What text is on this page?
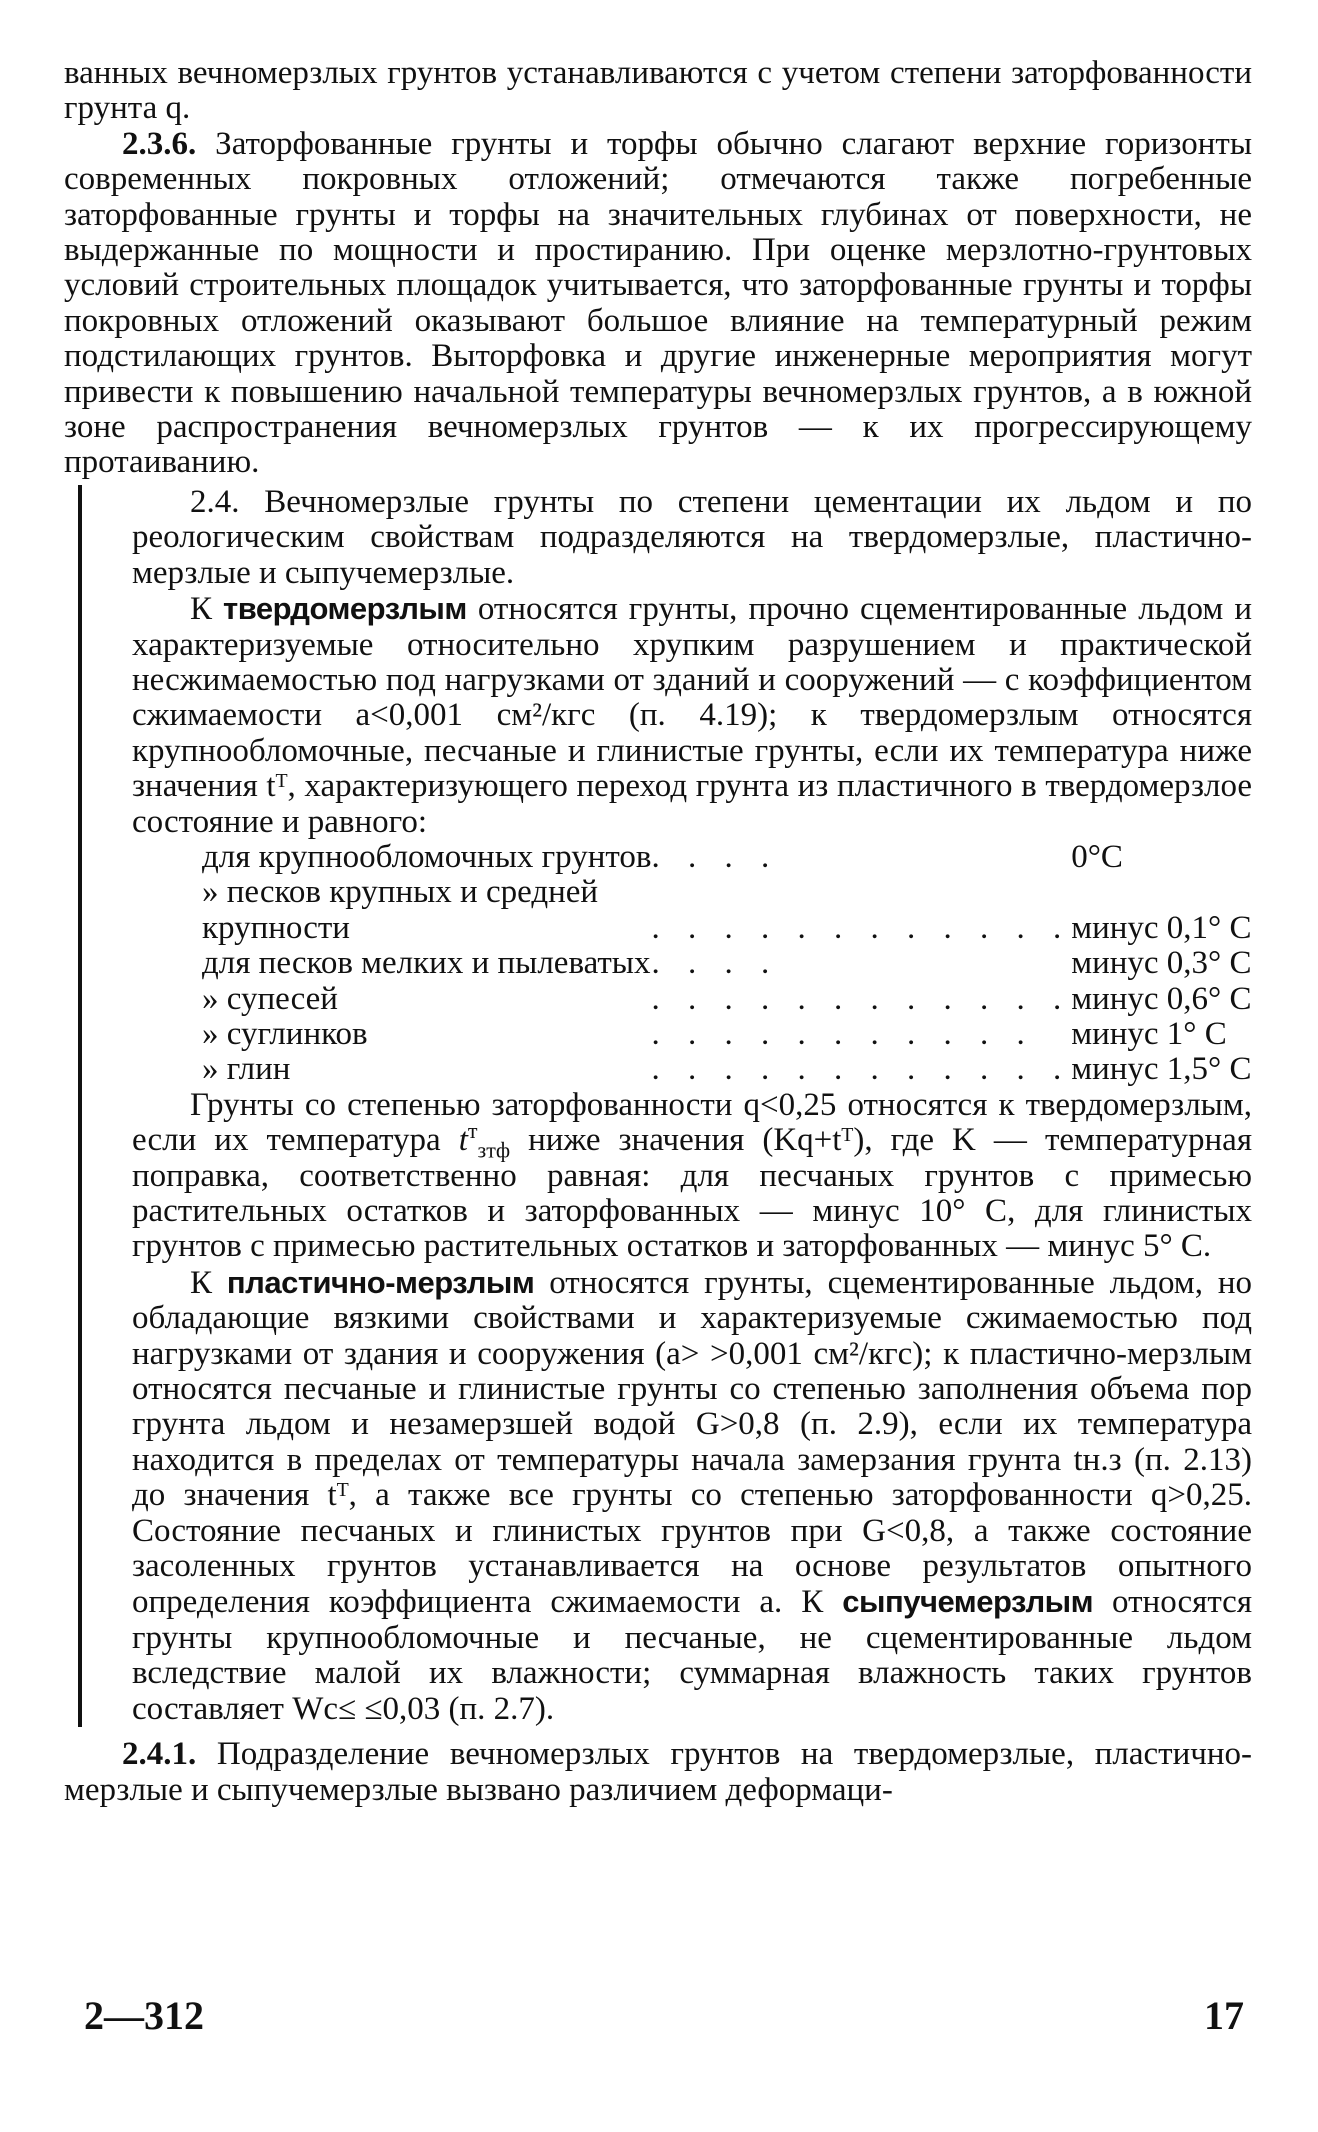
ванных вечномерзлых грунтов устанавливаются с учетом степени заторфованности грунта q.

2.3.6. Заторфованные грунты и торфы обычно слагают верхние горизонты современных покровных отложений; отмечаются также погребенные заторфованные грунты и торфы на значительных глубинах от поверхности, не выдержанные по мощности и простиранию. При оценке мерзлотно-грунтовых условий строительных площадок учитывается, что заторфованные грунты и торфы покровных отложений оказывают большое влияние на температурный режим подстилающих грунтов. Выторфовка и другие инженерные мероприятия могут привести к повышению начальной температуры вечномерзлых грунтов, а в южной зоне распространения вечномерзлых грунтов — к их прогрессирующему протаиванию.

2.4. Вечномерзлые грунты по степени цементации их льдом и по реологическим свойствам подразделяются на твердомерзлые, пластично-мерзлые и сыпучемерзлые.

К твердомерзлым относятся грунты, прочно сцементированные льдом и характеризуемые относительно хрупким разрушением и практической несжимаемостью под нагрузками от зданий и сооружений — с коэффициентом сжимаемости a<0,001 см²/кгс (п. 4.19); к твердомерзлым относятся крупнообломочные, песчаные и глинистые грунты, если их температура ниже значения tᵀ, характеризующего переход грунта из пластичного в твердомерзлое состояние и равного:

для крупнообломочных грунтов	. . . .	0°С
» песков крупных и средней		
крупности	. . . . . . . . . . . .	минус 0,1° С
для песков мелких и пылеватых	. . . .	минус 0,3° С
» супесей	. . . . . . . . . . . .	минус 0,6° С
» суглинков	. . . . . . . . . . .	минус 1° С
» глин	. . . . . . . . . . . .	минус 1,5° С

Грунты со степенью заторфованности q<0,25 относятся к твердомерзлым, если их температура $t^т_{зтф}$ ниже значения (Kq+tᵀ), где K — температурная поправка, соответственно равная: для песчаных грунтов с примесью растительных остатков и заторфованных — минус 10° С, для глинистых грунтов с примесью растительных остатков и заторфованных — минус 5° С.

К пластично-мерзлым относятся грунты, сцементированные льдом, но обладающие вязкими свойствами и характеризуемые сжимаемостью под нагрузками от здания и сооружения (a> >0,001 см²/кгс); к пластично-мерзлым относятся песчаные и глинистые грунты со степенью заполнения объема пор грунта льдом и незамерзшей водой G>0,8 (п. 2.9), если их температура находится в пределах от температуры начала замерзания грунта tн.з (п. 2.13) до значения tᵀ, а также все грунты со степенью заторфованности q>0,25. Состояние песчаных и глинистых грунтов при G<0,8, а также состояние засоленных грунтов устанавливается на основе результатов опытного определения коэффициента сжимаемости a. К сыпучемерзлым относятся грунты крупнообломочные и песчаные, не сцементированные льдом вследствие малой их влажности; суммарная влажность таких грунтов составляет Wc≤ ≤0,03 (п. 2.7).

2.4.1. Подразделение вечномерзлых грунтов на твердомерзлые, пластично-мерзлые и сыпучемерзлые вызвано различием деформаци-

2—312	17
